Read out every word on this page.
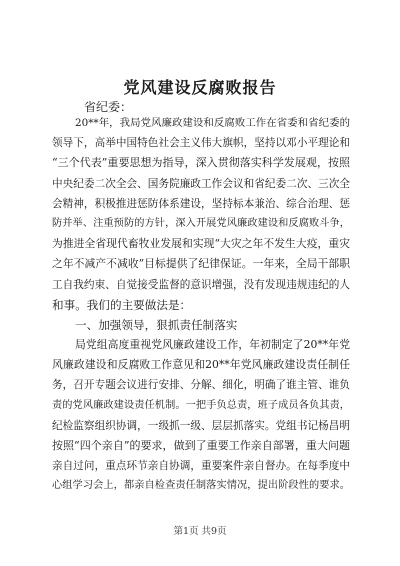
党风建设反腐败报告

省纪委：

20**年，我局党风廉政建设和反腐败工作在省委和省纪委的

领导下，高举中国特色社会主义伟大旗帜，坚持以邓小平理论和

“三个代表”重要思想为指导，深入贯彻落实科学发展观，按照

中央纪委二次全会、国务院廉政工作会议和省纪委二次、三次全

会精神，积极推进惩防体系建设，坚持标本兼治、综合治理、惩

防并举、注重预防的方针，深入开展党风廉政建设和反腐败斗争，

为推进全省现代畜牧业发展和实现“大灾之年不发生大疫，重灾

之年不减产不减收”目标提供了纪律保证。一年来，全局干部职

工自我约束、自觉接受监督的意识增强，没有发现违规违纪的人

和事。我们的主要做法是：

一、加强领导，狠抓责任制落实

局党组高度重视党风廉政建设工作，年初制定了20**年党

风廉政建设和反腐败工作意见和20**年党风廉政建设责任制任

务，召开专题会议进行安排、分解、细化，明确了谁主管、谁负

责的党风廉政建设责任机制。一把手负总责，班子成员各负其责，

纪检监察组织协调，一级抓一级、层层抓落实。党组书记杨昌明

按照“四个亲自”的要求，做到了重要工作亲自部署，重大问题

亲自过问，重点环节亲自协调，重要案件亲自督办。在每季度中

心组学习会上，都亲自检查责任制落实情况，提出阶段性的要求。

第1页 共9页
